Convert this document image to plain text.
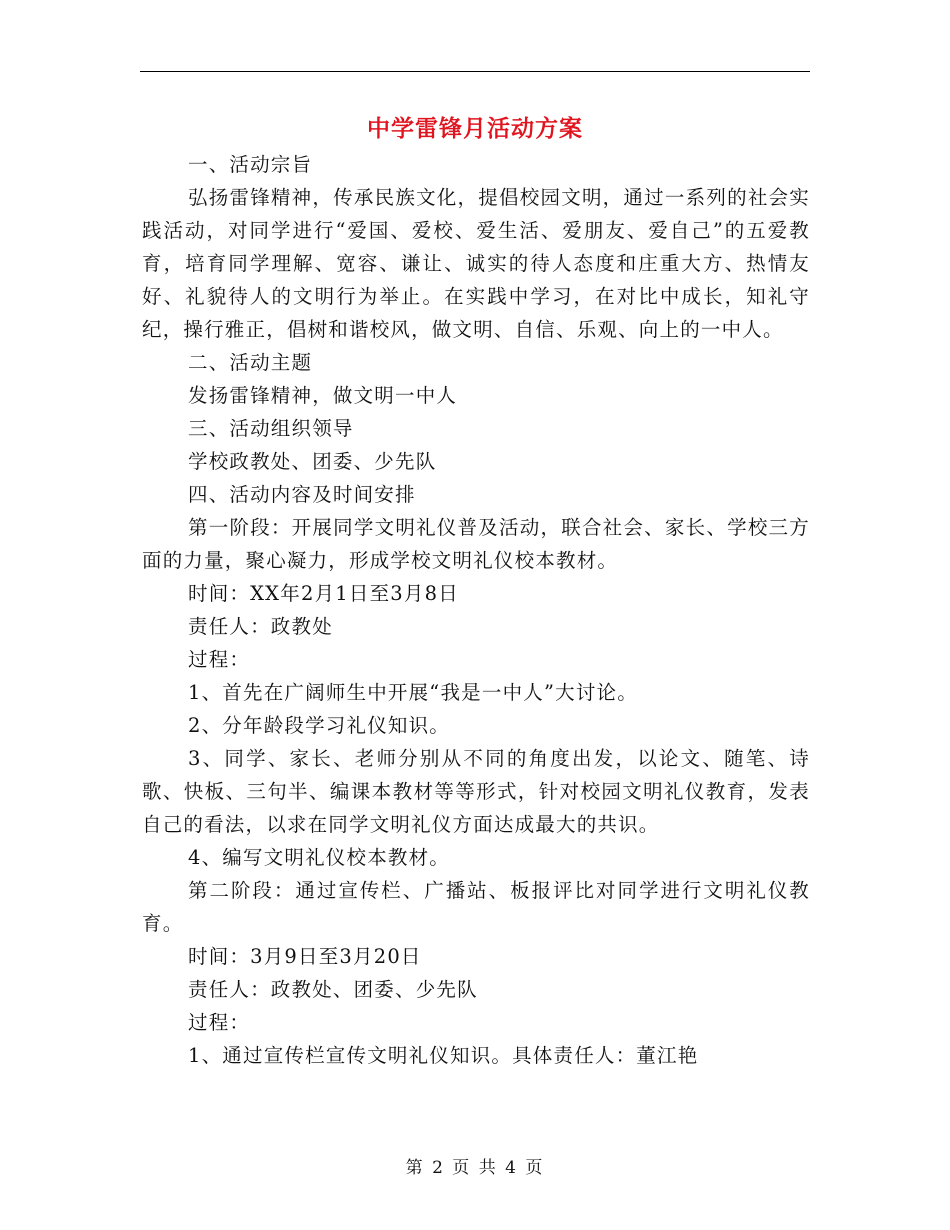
中学雷锋月活动方案

一、活动宗旨

弘扬雷锋精神，传承民族文化，提倡校园文明，通过一系列的社会实践活动，对同学进行“爱国、爱校、爱生活、爱朋友、爱自己”的五爱教育，培育同学理解、宽容、谦让、诚实的待人态度和庄重大方、热情友好、礼貌待人的文明行为举止。在实践中学习，在对比中成长，知礼守纪，操行雅正，倡树和谐校风，做文明、自信、乐观、向上的一中人。

二、活动主题

发扬雷锋精神，做文明一中人

三、活动组织领导

学校政教处、团委、少先队

四、活动内容及时间安排

第一阶段：开展同学文明礼仪普及活动，联合社会、家长、学校三方面的力量，聚心凝力，形成学校文明礼仪校本教材。

时间：XX年2月1日至3月8日

责任人：政教处

过程：

1、首先在广阔师生中开展“我是一中人”大讨论。

2、分年龄段学习礼仪知识。

3、同学、家长、老师分别从不同的角度出发，以论文、随笔、诗歌、快板、三句半、编课本教材等等形式，针对校园文明礼仪教育，发表自己的看法，以求在同学文明礼仪方面达成最大的共识。

4、编写文明礼仪校本教材。

第二阶段：通过宣传栏、广播站、板报评比对同学进行文明礼仪教育。

时间：3月9日至3月20日

责任人：政教处、团委、少先队

过程：

1、通过宣传栏宣传文明礼仪知识。具体责任人：董江艳

第 2 页 共 4 页
